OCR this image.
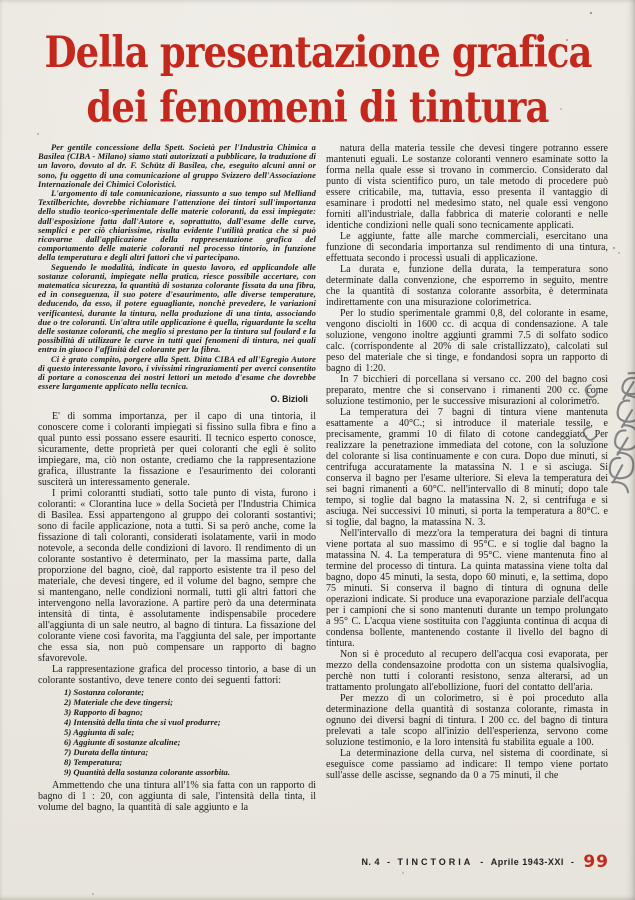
Della presentazione grafica
dei fenomeni di tintura

Per gentile concessione della Spett. Società per l'Industria Chimica a Basilea (CIBA - Milano) siamo stati autorizzati a pubblicare, la traduzione di un lavoro, dovuto al dr. F. Schütz di Basilea, che, eseguito alcuni anni or sono, fu oggetto di una comunicazione al gruppo Svizzero dell'Associazione Internazionale dei Chimici Coloristici.

L'argomento di tale comunicazione, riassunto a suo tempo sul Melliand Textilberichte, dovrebbe richiamare l'attenzione dei tintori sull'importanza dello studio teorico-sperimentale delle materie coloranti, da essi impiegate: dall'esposizione fatta dall'Autore e, soprattutto, dall'esame delle curve, semplici e per ciò chiarissime, risulta evidente l'utilità pratica che si può ricavarne dall'applicazione della rappresentazione grafica del comportamento delle materie coloranti nel processo tintorio, in funzione della temperatura e degli altri fattori che vi partecipano.

Seguendo le modalità, indicate in questo lavoro, ed applicandole alle sostanze coloranti, impiegate nella pratica, riesce possibile accertare, con matematica sicurezza, la quantità di sostanza colorante fissata da una fibra, ed in conseguenza, il suo potere d'esaurimento, alle diverse temperature, deducendo, da esso, il potere eguagliante, nonchè prevedere, le variazioni verificantesi, durante la tintura, nella produzione di una tinta, associando due o tre coloranti. Un'altra utile applicazione è quella, riguardante la scelta delle sostanze coloranti, che meglio si prestano per la tintura sul foulard e la possibilità di utilizzare le curve in tutti quei fenomeni di tintura, nei quali entra in giuoco l'affinità del colorante per la fibra.

Ci è grato compito, porgere alla Spett. Ditta CIBA ed all'Egregio Autore di questo interessante lavoro, i vivissimi ringraziamenti per averci consentito di portare a conoscenza dei nostri lettori un metodo d'esame che dovrebbe essere largamente applicato nella tecnica.

O. Bizioli

E' di somma importanza, per il capo di una tintoria, il conoscere come i coloranti impiegati si fissino sulla fibra e fino a qual punto essi possano essere esauriti. Il tecnico esperto conosce, sicuramente, dette proprietà per quei coloranti che egli è solito impiegare, ma, ciò non ostante, crediamo che la rappresentazione grafica, illustrante la fissazione e l'esaurimento dei coloranti susciterà un interessamento generale.

I primi colorantti studiati, sotto tale punto di vista, furono i coloranti: « Clorantina luce » della Società per l'Industria Chimica di Basilea. Essi appartengono al gruppo dei coloranti sostantivi; sono di facile applicazione, nota a tutti. Si sa però anche, come la fissazione di tali coloranti, considerati isolatamente, varii in modo notevole, a seconda delle condizioni di lavoro. Il rendimento di un colorante sostantivo è determinato, per la massima parte, dalla proporzione del bagno, cioè, dal rapporto esistente tra il peso del materiale, che devesi tingere, ed il volume del bagno, sempre che si mantengano, nelle condizioni normali, tutti gli altri fattori che intervengono nella lavorazione. A partire però da una determinata intensità di tinta, è assolutamente indispensabile procedere all'aggiunta di un sale neutro, al bagno di tintura. La fissazione del colorante viene così favorita, ma l'aggiunta del sale, per importante che essa sia, non può compensare un rapporto di bagno sfavorevole.

La rappresentazione grafica del processo tintorio, a base di un colorante sostantivo, deve tenere conto dei seguenti fattori:

1) Sostanza colorante;
2) Materiale che deve tingersi;
3) Rapporto di bagno;
4) Intensità della tinta che si vuol produrre;
5) Aggiunta di sale;
6) Aggiunte di sostanze alcaline;
7) Durata della tintura;
8) Temperatura;
9) Quantità della sostanza colorante assorbita.

Ammettendo che una tintura all'1% sia fatta con un rapporto di bagno di 1 : 20, con aggiunta di sale, l'intensità della tinta, il volume del bagno, la quantità di sale aggiunto e la

natura della materia tessile che devesi tingere potranno essere mantenuti eguali. Le sostanze coloranti vennero esaminate sotto la forma nella quale esse si trovano in commercio. Considerato dal punto di vista scientifico puro, un tale metodo di procedere può essere criticabile, ma, tuttavia, esso presenta il vantaggio di esaminare i prodotti nel medesimo stato, nel quale essi vengono forniti all'industriale, dalla fabbrica di materie coloranti e nelle identiche condizioni nelle quali sono tecnicamente applicati.

Le aggiunte, fatte alle marche commerciali, esercitano una funzione di secondaria importanza sul rendimento di una tintura, effettuata secondo i processi usuali di applicazione.

La durata e, funzione della durata, la temperatura sono determinate dalla convenzione, che esporremo in seguito, mentre che la quantità di sostanza colorante assorbita, è determinata indirettamente con una misurazione colorimetrica.

Per lo studio sperimentale grammi 0,8, del colorante in esame, vengono disciolti in 1600 cc. di acqua di condensazione. A tale soluzione, vengono inoltre aggiunti grammi 7.5 di solfato sodico calc. (corrispondente al 20% di sale cristallizzato), calcolati sul peso del materiale che si tinge, e fondandosi sopra un rapporto di bagno di 1:20.

In 7 bicchieri di porcellana si versano cc. 200 del bagno così preparato, mentre che si conservano i rimanenti 200 cc. come soluzione testimonio, per le successive misurazioni al colorimetro.

La temperatura dei 7 bagni di tintura viene mantenuta esattamente a 40°C.; si introduce il materiale tessile, e precisamente, grammi 10 di filato di cotone candeggiato. Per realizzare la penetrazione immediata del cotone, con la soluzione del colorante si lisa continuamente e con cura. Dopo due minuti, si centrifuga accuratamente la matassina N. 1 e si asciuga. Si conserva il bagno per l'esame ulteriore. Si eleva la temperatura dei sei bagni rimanenti a 60°C. nell'intervallo di 8 minuti; dopo tale tempo, si toglie dal bagno la matassina N. 2, si centrifuga e si asciuga. Nei successivi 10 minuti, si porta la temperatura a 80°C. e si toglie, dal bagno, la matassina N. 3.

Nell'intervallo di mezz'ora la temperatura dei bagni di tintura viene portata al suo massimo di 95°C. e si toglie dal bagno la matassina N. 4. La temperatura di 95°C. viene mantenuta fino al termine del processo di tintura. La quinta matassina viene tolta dal bagno, dopo 45 minuti, la sesta, dopo 60 minuti, e, la settima, dopo 75 minuti. Si conserva il bagno di tintura di ognuna delle operazioni indicate. Si produce una evaporazione parziale dell'acqua per i campioni che si sono mantenuti durante un tempo prolungato a 95° C. L'acqua viene sostituita con l'aggiunta continua di acqua di condensa bollente, mantenendo costante il livello del bagno di tintura.

Non si è proceduto al recupero dell'acqua così evaporata, per mezzo della condensazoine prodotta con un sistema qualsivoglia, perchè non tutti i coloranti resistono, senza alterarsi, ad un trattamento prolungato all'ebollizione, fuori del contatto dell'aria.

Per mezzo di un colorimetro, si è poi proceduto alla determinazione della quantità di sostanza colorante, rimasta in ognuno dei diversi bagni di tintura. I 200 cc. del bagno di tintura prelevati a tale scopo all'inizio dell'esperienza, servono come soluzione testimonio, e la loro intensità fu stabilita eguale a 100.

La determinazione della curva, nel sistema di coordinate, si eseguisce come passiamo ad indicare: Il tempo viene portato sull'asse delle ascisse, segnando da 0 a 75 minuti, il che

N. 4 - TINCTORIA - Aprile 1943-XXI - 99
